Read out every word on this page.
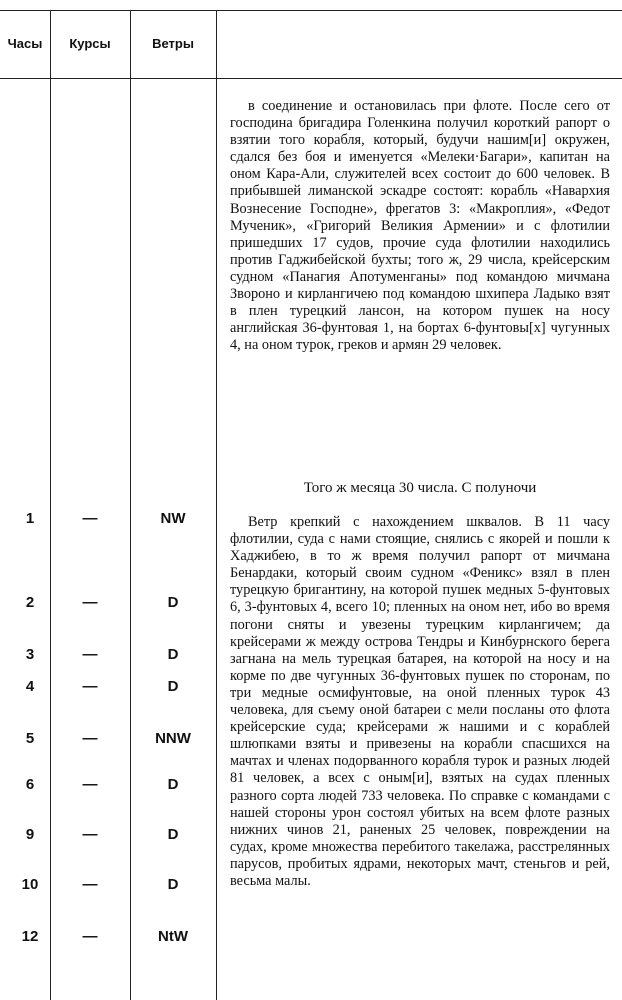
Часы	Курсы	Ветры

в соединение и остановилась при флоте. После сего от господина бригадира Голенкина получил короткий рапорт о взятии того корабля, который, будучи нашим[и] окружен, сдался без боя и именуется «Мелеки·Багари», капитан на оном Кара-Али, служителей всех состоит до 600 человек. В прибывшей лиманской эскадре состоят: корабль «Навархия Вознесение Господне», фрегатов 3: «Макроплия», «Федот Мученик», «Григорий Великия Армении» и с флотилии пришедших 17 судов, прочие суда флотилии находились против Гаджибейской бухты; того ж, 29 числа, крейсерским судном «Панагия Апотуменганы» под командою мичмана Звороно и кирлангичею под командою шхипера Ладыко взят в плен турецкий лансон, на котором пушек на носу английская 36-фунтовая 1, на бортах 6-фунтовы[х] чугунных 4, на оном турок, греков и армян 29 человек.

Того ж месяца 30 числа. С полуночи

Ветр крепкий с нахождением шквалов. В 11 часу флотилии, суда с нами стоящие, снялись с якорей и пошли к Хаджибею, в то ж время получил рапорт от мичмана Бенардаки, который своим судном «Феникс» взял в плен турецкую бригантину, на которой пушек медных 5-фунтовых 6, 3-фунтовых 4, всего 10; пленных на оном нет, ибо во время погони сняты и увезены турецким кирлангичем; да крейсерами ж между острова Тендры и Кинбурнского берега загнана на мель турецкая батарея, на которой на носу и на корме по две чугунных 36-фунтовых пушек по сторонам, по три медные осмифунтовые, на оной пленных турок 43 человека, для съему оной батареи с мели посланы ото флота крейсерские суда; крейсерами ж нашими и с кораблей шлюпками взяты и привезены на корабли спасшихся на мачтах и членах подорванного корабля турок и разных людей 81 человек, а всех с оным[и], взятых на судах пленных разного сорта людей 733 человека. По справке с командами с нашей стороны урон состоял убитых на всем флоте разных нижних чинов 21, раненых 25 человек, повреждении на судах, кроме множества перебитого такелажа, расстрелянных парусов, пробитых ядрами, некоторых мачт, стеньгов и рей, весьма малы.

1	—	NW
2	—	D
3	—	D
4	—	D
5	—	NNW
6	—	D
9	—	D
10	—	D
12	—	NtW
